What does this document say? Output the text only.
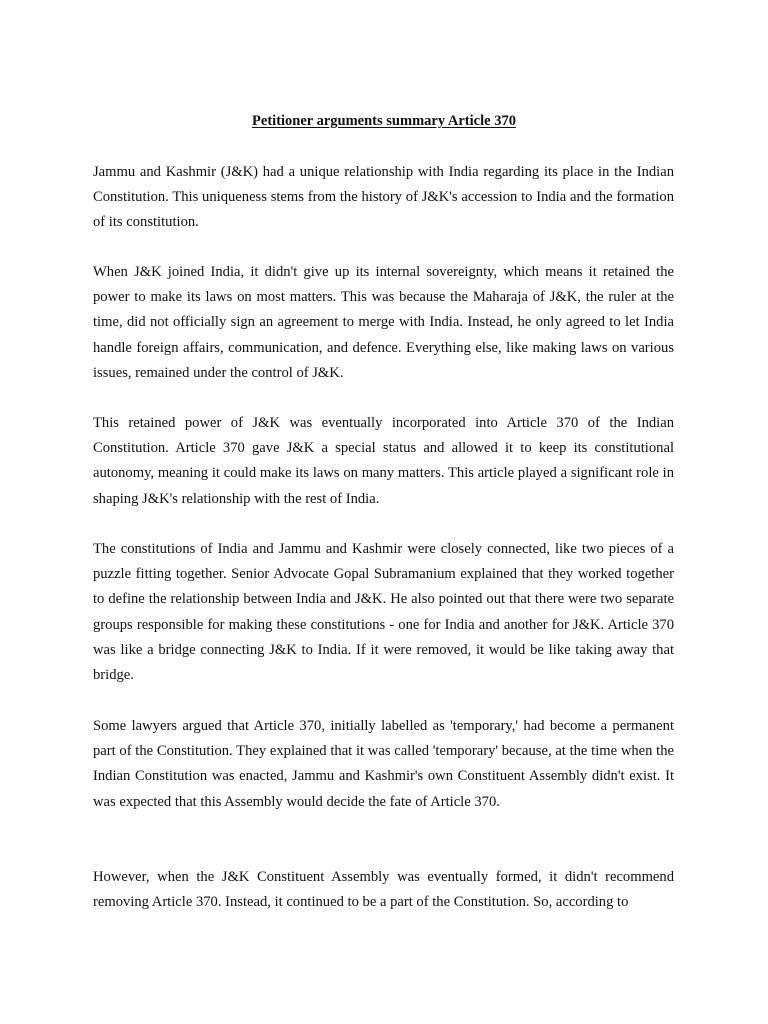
Petitioner arguments summary Article 370

Jammu and Kashmir (J&K) had a unique relationship with India regarding its place in the Indian Constitution. This uniqueness stems from the history of J&K's accession to India and the formation of its constitution.

When J&K joined India, it didn't give up its internal sovereignty, which means it retained the power to make its laws on most matters. This was because the Maharaja of J&K, the ruler at the time, did not officially sign an agreement to merge with India. Instead, he only agreed to let India handle foreign affairs, communication, and defence. Everything else, like making laws on various issues, remained under the control of J&K.

This retained power of J&K was eventually incorporated into Article 370 of the Indian Constitution. Article 370 gave J&K a special status and allowed it to keep its constitutional autonomy, meaning it could make its laws on many matters. This article played a significant role in shaping J&K's relationship with the rest of India.

The constitutions of India and Jammu and Kashmir were closely connected, like two pieces of a puzzle fitting together. Senior Advocate Gopal Subramanium explained that they worked together to define the relationship between India and J&K. He also pointed out that there were two separate groups responsible for making these constitutions - one for India and another for J&K. Article 370 was like a bridge connecting J&K to India. If it were removed, it would be like taking away that bridge.

Some lawyers argued that Article 370, initially labelled as 'temporary,' had become a permanent part of the Constitution. They explained that it was called 'temporary' because, at the time when the Indian Constitution was enacted, Jammu and Kashmir's own Constituent Assembly didn't exist. It was expected that this Assembly would decide the fate of Article 370.

However, when the J&K Constituent Assembly was eventually formed, it didn't recommend removing Article 370. Instead, it continued to be a part of the Constitution. So, according to
